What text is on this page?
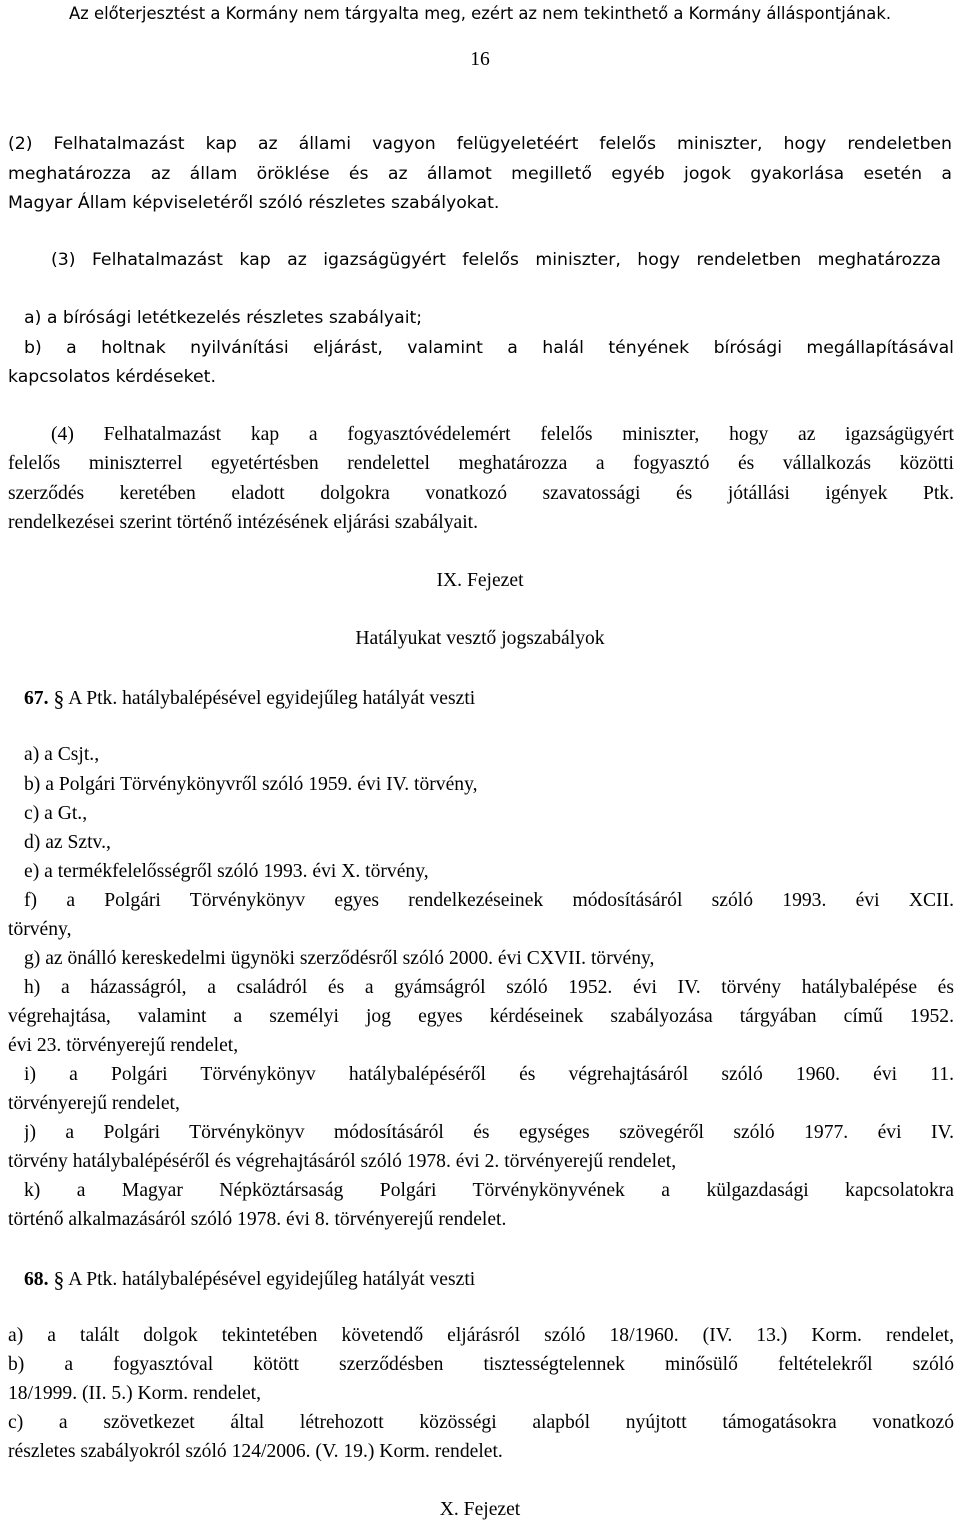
Az előterjesztést a Kormány nem tárgyalta meg, ezért az nem tekinthető a Kormány álláspontjának.
16
(2) Felhatalmazást kap az állami vagyon felügyeletéért felelős miniszter, hogy rendeletben
meghatározza az állam öröklése és az államot megillető egyéb jogok gyakorlása esetén a
Magyar Állam képviseletéről szóló részletes szabályokat.
(3) Felhatalmazást kap az igazságügyért felelős miniszter, hogy rendeletben meghatározza
a) a bírósági letétkezelés részletes szabályait;
b) a holtnak nyilvánítási eljárást, valamint a halál tényének bírósági megállapításával
kapcsolatos kérdéseket.
(4) Felhatalmazást kap a fogyasztóvédelemért felelős miniszter, hogy az igazságügyért
felelős miniszterrel egyetértésben rendelettel meghatározza a fogyasztó és vállalkozás közötti
szerződés keretében eladott dolgokra vonatkozó szavatossági és jótállási igények Ptk.
rendelkezései szerint történő intézésének eljárási szabályait.
IX. Fejezet
Hatályukat vesztő jogszabályok
67. § A Ptk. hatálybalépésével egyidejűleg hatályát veszti
a) a Csjt.,
b) a Polgári Törvénykönyvről szóló 1959. évi IV. törvény,
c) a Gt.,
d) az Sztv.,
e) a termékfelelősségről szóló 1993. évi X. törvény,
f) a Polgári Törvénykönyv egyes rendelkezéseinek módosításáról szóló 1993. évi XCII.
törvény,
g) az önálló kereskedelmi ügynöki szerződésről szóló 2000. évi CXVII. törvény,
h) a házasságról, a családról és a gyámságról szóló 1952. évi IV. törvény hatálybalépése és
végrehajtása, valamint a személyi jog egyes kérdéseinek szabályozása tárgyában című 1952.
évi 23. törvényerejű rendelet,
i) a Polgári Törvénykönyv hatálybalépéséről és végrehajtásáról szóló 1960. évi 11.
törvényerejű rendelet,
j) a Polgári Törvénykönyv módosításáról és egységes szövegéről szóló 1977. évi IV.
törvény hatálybalépéséről és végrehajtásáról szóló 1978. évi 2. törvényerejű rendelet,
k) a Magyar Népköztársaság Polgári Törvénykönyvének a külgazdasági kapcsolatokra
történő alkalmazásáról szóló 1978. évi 8. törvényerejű rendelet.
68. § A Ptk. hatálybalépésével egyidejűleg hatályát veszti
a) a talált dolgok tekintetében követendő eljárásról szóló 18/1960. (IV. 13.) Korm. rendelet,
b) a fogyasztóval kötött szerződésben tisztességtelennek minősülő feltételekről szóló
18/1999. (II. 5.) Korm. rendelet,
c) a szövetkezet által létrehozott közösségi alapból nyújtott támogatásokra vonatkozó
részletes szabályokról szóló 124/2006. (V. 19.) Korm. rendelet.
X. Fejezet
